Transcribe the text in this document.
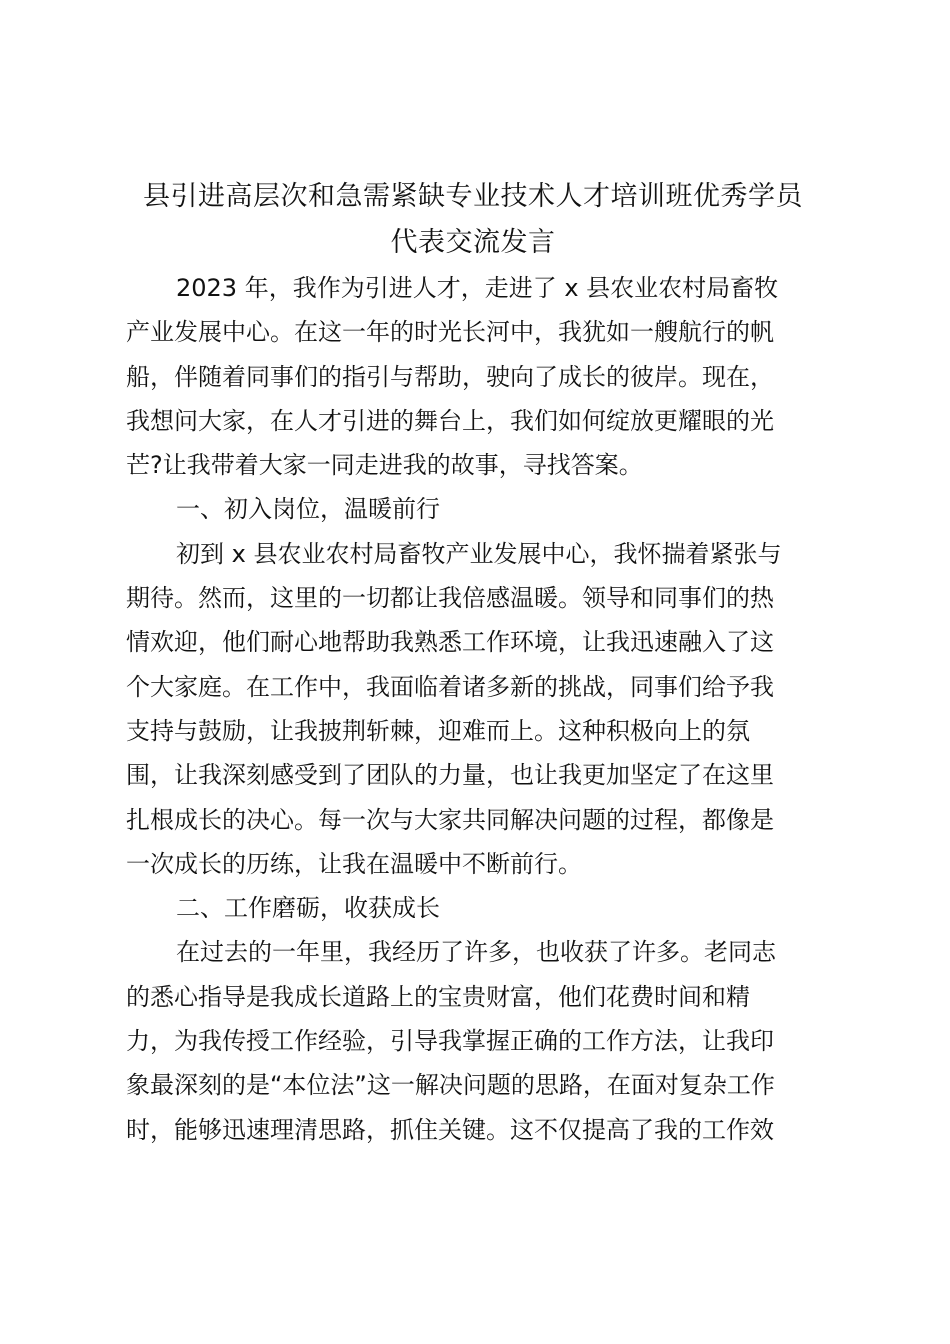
县引进高层次和急需紧缺专业技术人才培训班优秀学员
代表交流发言
2023 年，我作为引进人才，走进了 x 县农业农村局畜牧
产业发展中心。在这一年的时光长河中，我犹如一艘航行的帆
船，伴随着同事们的指引与帮助，驶向了成长的彼岸。现在，
我想问大家，在人才引进的舞台上，我们如何绽放更耀眼的光
芒?让我带着大家一同走进我的故事，寻找答案。

一、初入岗位，温暖前行

初到 x 县农业农村局畜牧产业发展中心，我怀揣着紧张与
期待。然而，这里的一切都让我倍感温暖。领导和同事们的热
情欢迎，他们耐心地帮助我熟悉工作环境，让我迅速融入了这
个大家庭。在工作中，我面临着诸多新的挑战，同事们给予我
支持与鼓励，让我披荆斩棘，迎难而上。这种积极向上的氛
围，让我深刻感受到了团队的力量，也让我更加坚定了在这里
扎根成长的决心。每一次与大家共同解决问题的过程，都像是
一次成长的历练，让我在温暖中不断前行。

二、工作磨砺，收获成长

在过去的一年里，我经历了许多，也收获了许多。老同志
的悉心指导是我成长道路上的宝贵财富，他们花费时间和精
力，为我传授工作经验，引导我掌握正确的工作方法，让我印
象最深刻的是“本位法”这一解决问题的思路，在面对复杂工作
时，能够迅速理清思路，抓住关键。这不仅提高了我的工作效
